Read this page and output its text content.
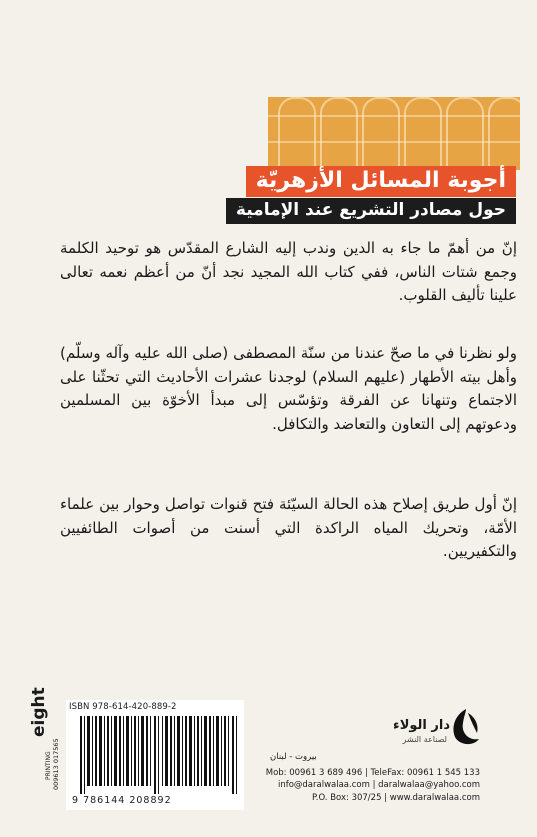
أجوبة المسائل الأزهريّة
حول مصادر التشريع عند الإمامية
إنّ من أهمّ ما جاء به الدين وندب إليه الشارع المقدّس هو توحيد الكلمة وجمع شتات الناس، ففي كتاب الله المجيد نجد أنّ من أعظم نعمه تعالى علينا تأليف القلوب.
ولو نظرنا في ما صحّ عندنا من سنّة المصطفى (صلى الله عليه وآله وسلّم) وأهل بيته الأطهار (عليهم السلام) لوجدنا عشرات الأحاديث التي تحثّنا على الاجتماع وتنهانا عن الفرقة وتؤسّس إلى مبدأ الأخوّة بين المسلمين ودعوتهم إلى التعاون والتعاضد والتكافل.
إنّ أول طريق إصلاح هذه الحالة السيّئة فتح قنوات تواصل وحوار بين علماء الأمّة، وتحريك المياه الراكدة التي أسنت من أصوات الطائفيين والتكفيريين.
ISBN 978-614-420-889-2
9 786144 208892
eight
PRINTING 009613 017565
دار الولاء
لصناعة النشر
بيروت - لبنان
Mob: 00961 3 689 496 | TeleFax: 00961 1 545 133
info@daralwalaa.com | daralwalaa@yahoo.com
P.O. Box: 307/25 | www.daralwalaa.com
